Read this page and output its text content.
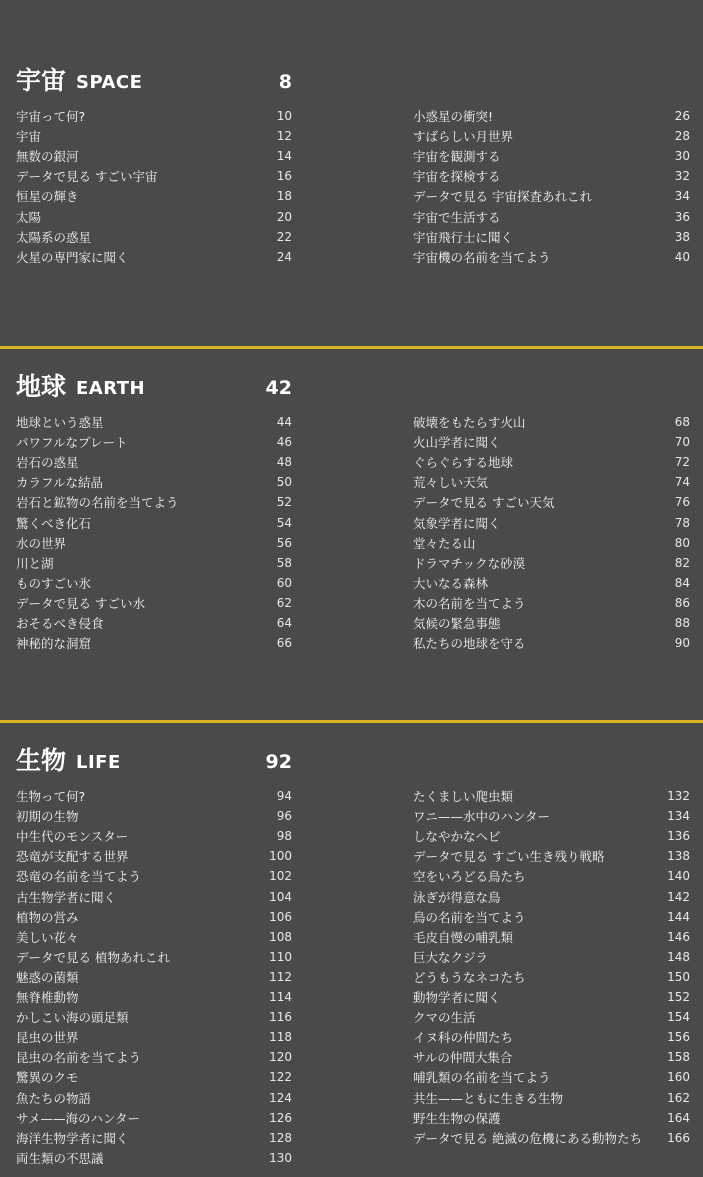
宇宙 SPACE	8
宇宙って何?	10
宇宙	12
無数の銀河	14
データで見る すごい宇宙	16
恒星の輝き	18
太陽	20
太陽系の惑星	22
火星の専門家に聞く	24
小惑星の衝突!	26
すばらしい月世界	28
宇宙を観測する	30
宇宙を探検する	32
データで見る 宇宙探査あれこれ	34
宇宙で生活する	36
宇宙飛行士に聞く	38
宇宙機の名前を当てよう	40
地球 EARTH	42
地球という惑星	44
パワフルなプレート	46
岩石の惑星	48
カラフルな結晶	50
岩石と鉱物の名前を当てよう	52
驚くべき化石	54
水の世界	56
川と湖	58
ものすごい氷	60
データで見る すごい水	62
おそるべき侵食	64
神秘的な洞窟	66
破壊をもたらす火山	68
火山学者に聞く	70
ぐらぐらする地球	72
荒々しい天気	74
データで見る すごい天気	76
気象学者に聞く	78
堂々たる山	80
ドラマチックな砂漠	82
大いなる森林	84
木の名前を当てよう	86
気候の緊急事態	88
私たちの地球を守る	90
生物 LIFE	92
生物って何?	94
初期の生物	96
中生代のモンスター	98
恐竜が支配する世界	100
恐竜の名前を当てよう	102
古生物学者に聞く	104
植物の営み	106
美しい花々	108
データで見る 植物あれこれ	110
魅惑の菌類	112
無脊椎動物	114
かしこい海の頭足類	116
昆虫の世界	118
昆虫の名前を当てよう	120
驚異のクモ	122
魚たちの物語	124
サメ——海のハンター	126
海洋生物学者に聞く	128
両生類の不思議	130
たくましい爬虫類	132
ワニ——水中のハンター	134
しなやかなヘビ	136
データで見る すごい生き残り戦略	138
空をいろどる鳥たち	140
泳ぎが得意な鳥	142
鳥の名前を当てよう	144
毛皮自慢の哺乳類	146
巨大なクジラ	148
どうもうなネコたち	150
動物学者に聞く	152
クマの生活	154
イヌ科の仲間たち	156
サルの仲間大集合	158
哺乳類の名前を当てよう	160
共生——ともに生きる生物	162
野生生物の保護	164
データで見る 絶滅の危機にある動物たち 166
